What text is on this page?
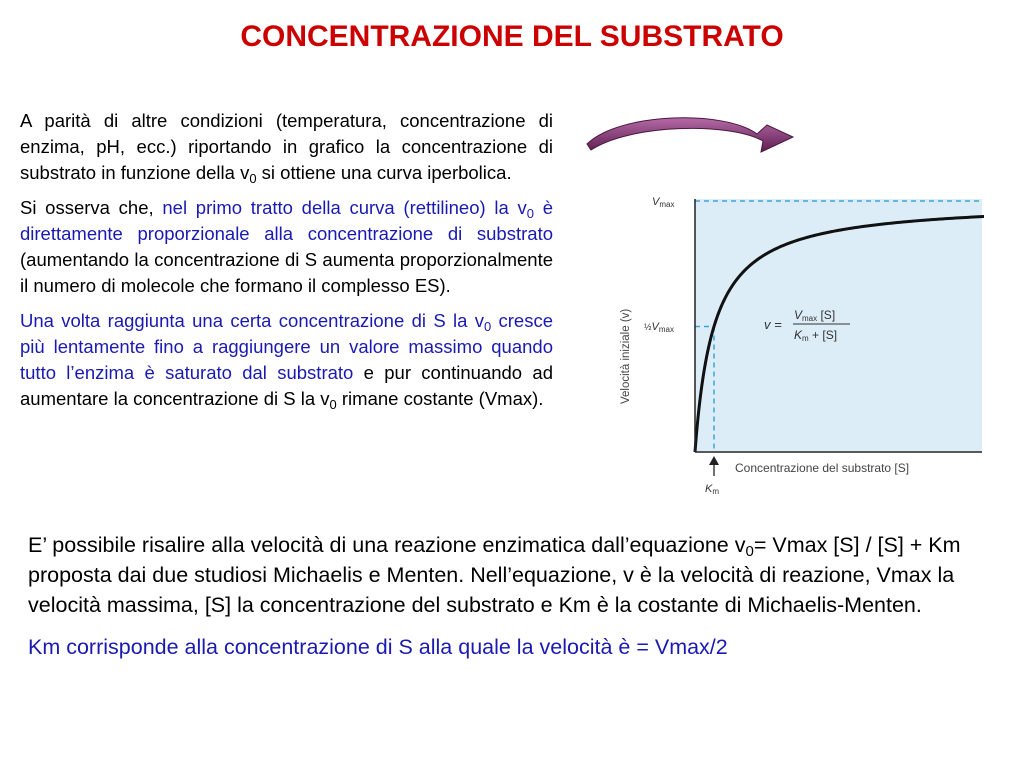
CONCENTRAZIONE DEL SUBSTRATO

A parità di altre condizioni (temperatura, concentrazione di enzima, pH, ecc.) riportando in grafico la concentrazione di substrato in funzione della $v_0$ si ottiene una curva iperbolica.

Si osserva che, nel primo tratto della curva (rettilineo) la $v_0$ è direttamente proporzionale alla concentrazione di substrato (aumentando la concentrazione di S aumenta proporzionalmente il numero di molecole che formano il complesso ES).

Una volta raggiunta una certa concentrazione di S la $v_0$ cresce più lentamente fino a raggiungere un valore massimo quando tutto l’enzima è saturato dal substrato e pur continuando ad aumentare la concentrazione di S la $v_0$ rimane costante (Vmax).

Vmax
½Vmax
Velocità iniziale (v)
Concentrazione del substrato [S]
Km
v =
Vmax [S]
Km + [S]

E’ possibile risalire alla velocità di una reazione enzimatica dall’equazione $v_0= Vmax$ [S] / [S] + Km proposta dai due studiosi Michaelis e Menten. Nell’equazione, v è la velocità di reazione, Vmax la velocità massima, [S] la concentrazione del substrato e Km è la costante di Michaelis-Menten.

Km corrisponde alla concentrazione di S alla quale la velocità è = Vmax/2
